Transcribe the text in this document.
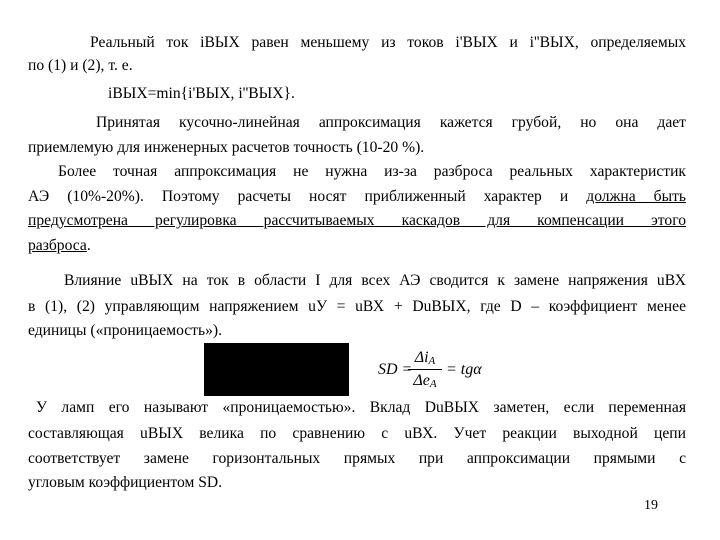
Реальный ток iВЫХ равен меньшему из токов i'ВЫХ и i''ВЫХ, определяемых
по (1) и (2), т. е.
iВЫХ=min{i'ВЫХ, i''ВЫХ}.
Принятая кусочно-линейная аппроксимация кажется грубой, но она дает
приемлемую для инженерных расчетов точность (10-20 %).
Более точная аппроксимация не нужна из-за разброса реальных характеристик
АЭ (10%-20%). Поэтому расчеты носят приближенный характер и должна быть
предусмотрена регулировка рассчитываемых каскадов для компенсации этого
разброса.
Влияние uВЫХ на ток в области I для всех АЭ сводится к замене напряжения uВХ
в (1), (2) управляющим напряжением uУ = uВХ + DuВЫХ, где D – коэффициент менее
единицы («проницаемость»).
SD =
ΔiA
ΔeA
= tgα
У ламп его называют «проницаемостью». Вклад DuВЫХ заметен, если переменная
составляющая uВЫХ велика по сравнению с uВХ. Учет реакции выходной цепи
соответствует замене горизонтальных прямых при аппроксимации прямыми с
угловым коэффициентом SD.
19
